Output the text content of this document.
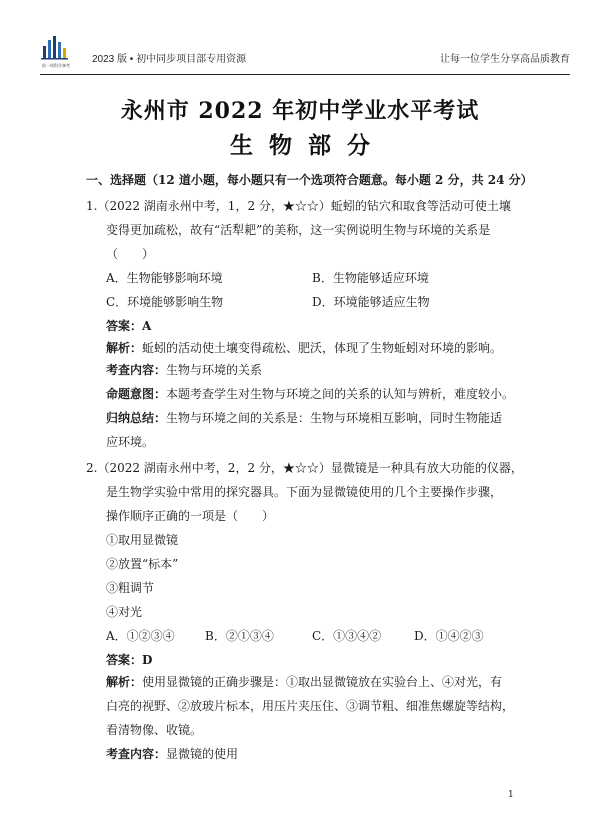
前一线科学备考
2023 版 • 初中同步项目部专用资源	让每一位学生分享高品质教育
永州市 2022 年初中学业水平考试
生物部分
一、选择题（12 道小题，每小题只有一个选项符合题意。每小题 2 分，共 24 分）
1.（2022 湖南永州中考，1，2 分，★☆☆）蚯蚓的钻穴和取食等活动可使土壤
变得更加疏松，故有“活犁耙”的美称，这一实例说明生物与环境的关系是
（　　）
A．生物能够影响环境	B．生物能够适应环境
C．环境能够影响生物	D．环境能够适应生物
答案：A
解析：蚯蚓的活动使土壤变得疏松、肥沃，体现了生物蚯蚓对环境的影响。
考查内容：生物与环境的关系
命题意图：本题考查学生对生物与环境之间的关系的认知与辨析，难度较小。
归纳总结：生物与环境之间的关系是：生物与环境相互影响，同时生物能适
应环境。
2.（2022 湖南永州中考，2，2 分，★☆☆）显微镜是一种具有放大功能的仪器，
是生物学实验中常用的探究器具。下面为显微镜使用的几个主要操作步骤，
操作顺序正确的一项是（　　）
①取用显微镜
②放置“标本”
③粗调节
④对光
A．①②③④	B．②①③④	C．①③④②	D．①④②③
答案：D
解析：使用显微镜的正确步骤是：①取出显微镜放在实验台上、④对光，有
白亮的视野、②放玻片标本，用压片夹压住、③调节粗、细准焦螺旋等结构，
看清物像、收镜。
考查内容：显微镜的使用
1
